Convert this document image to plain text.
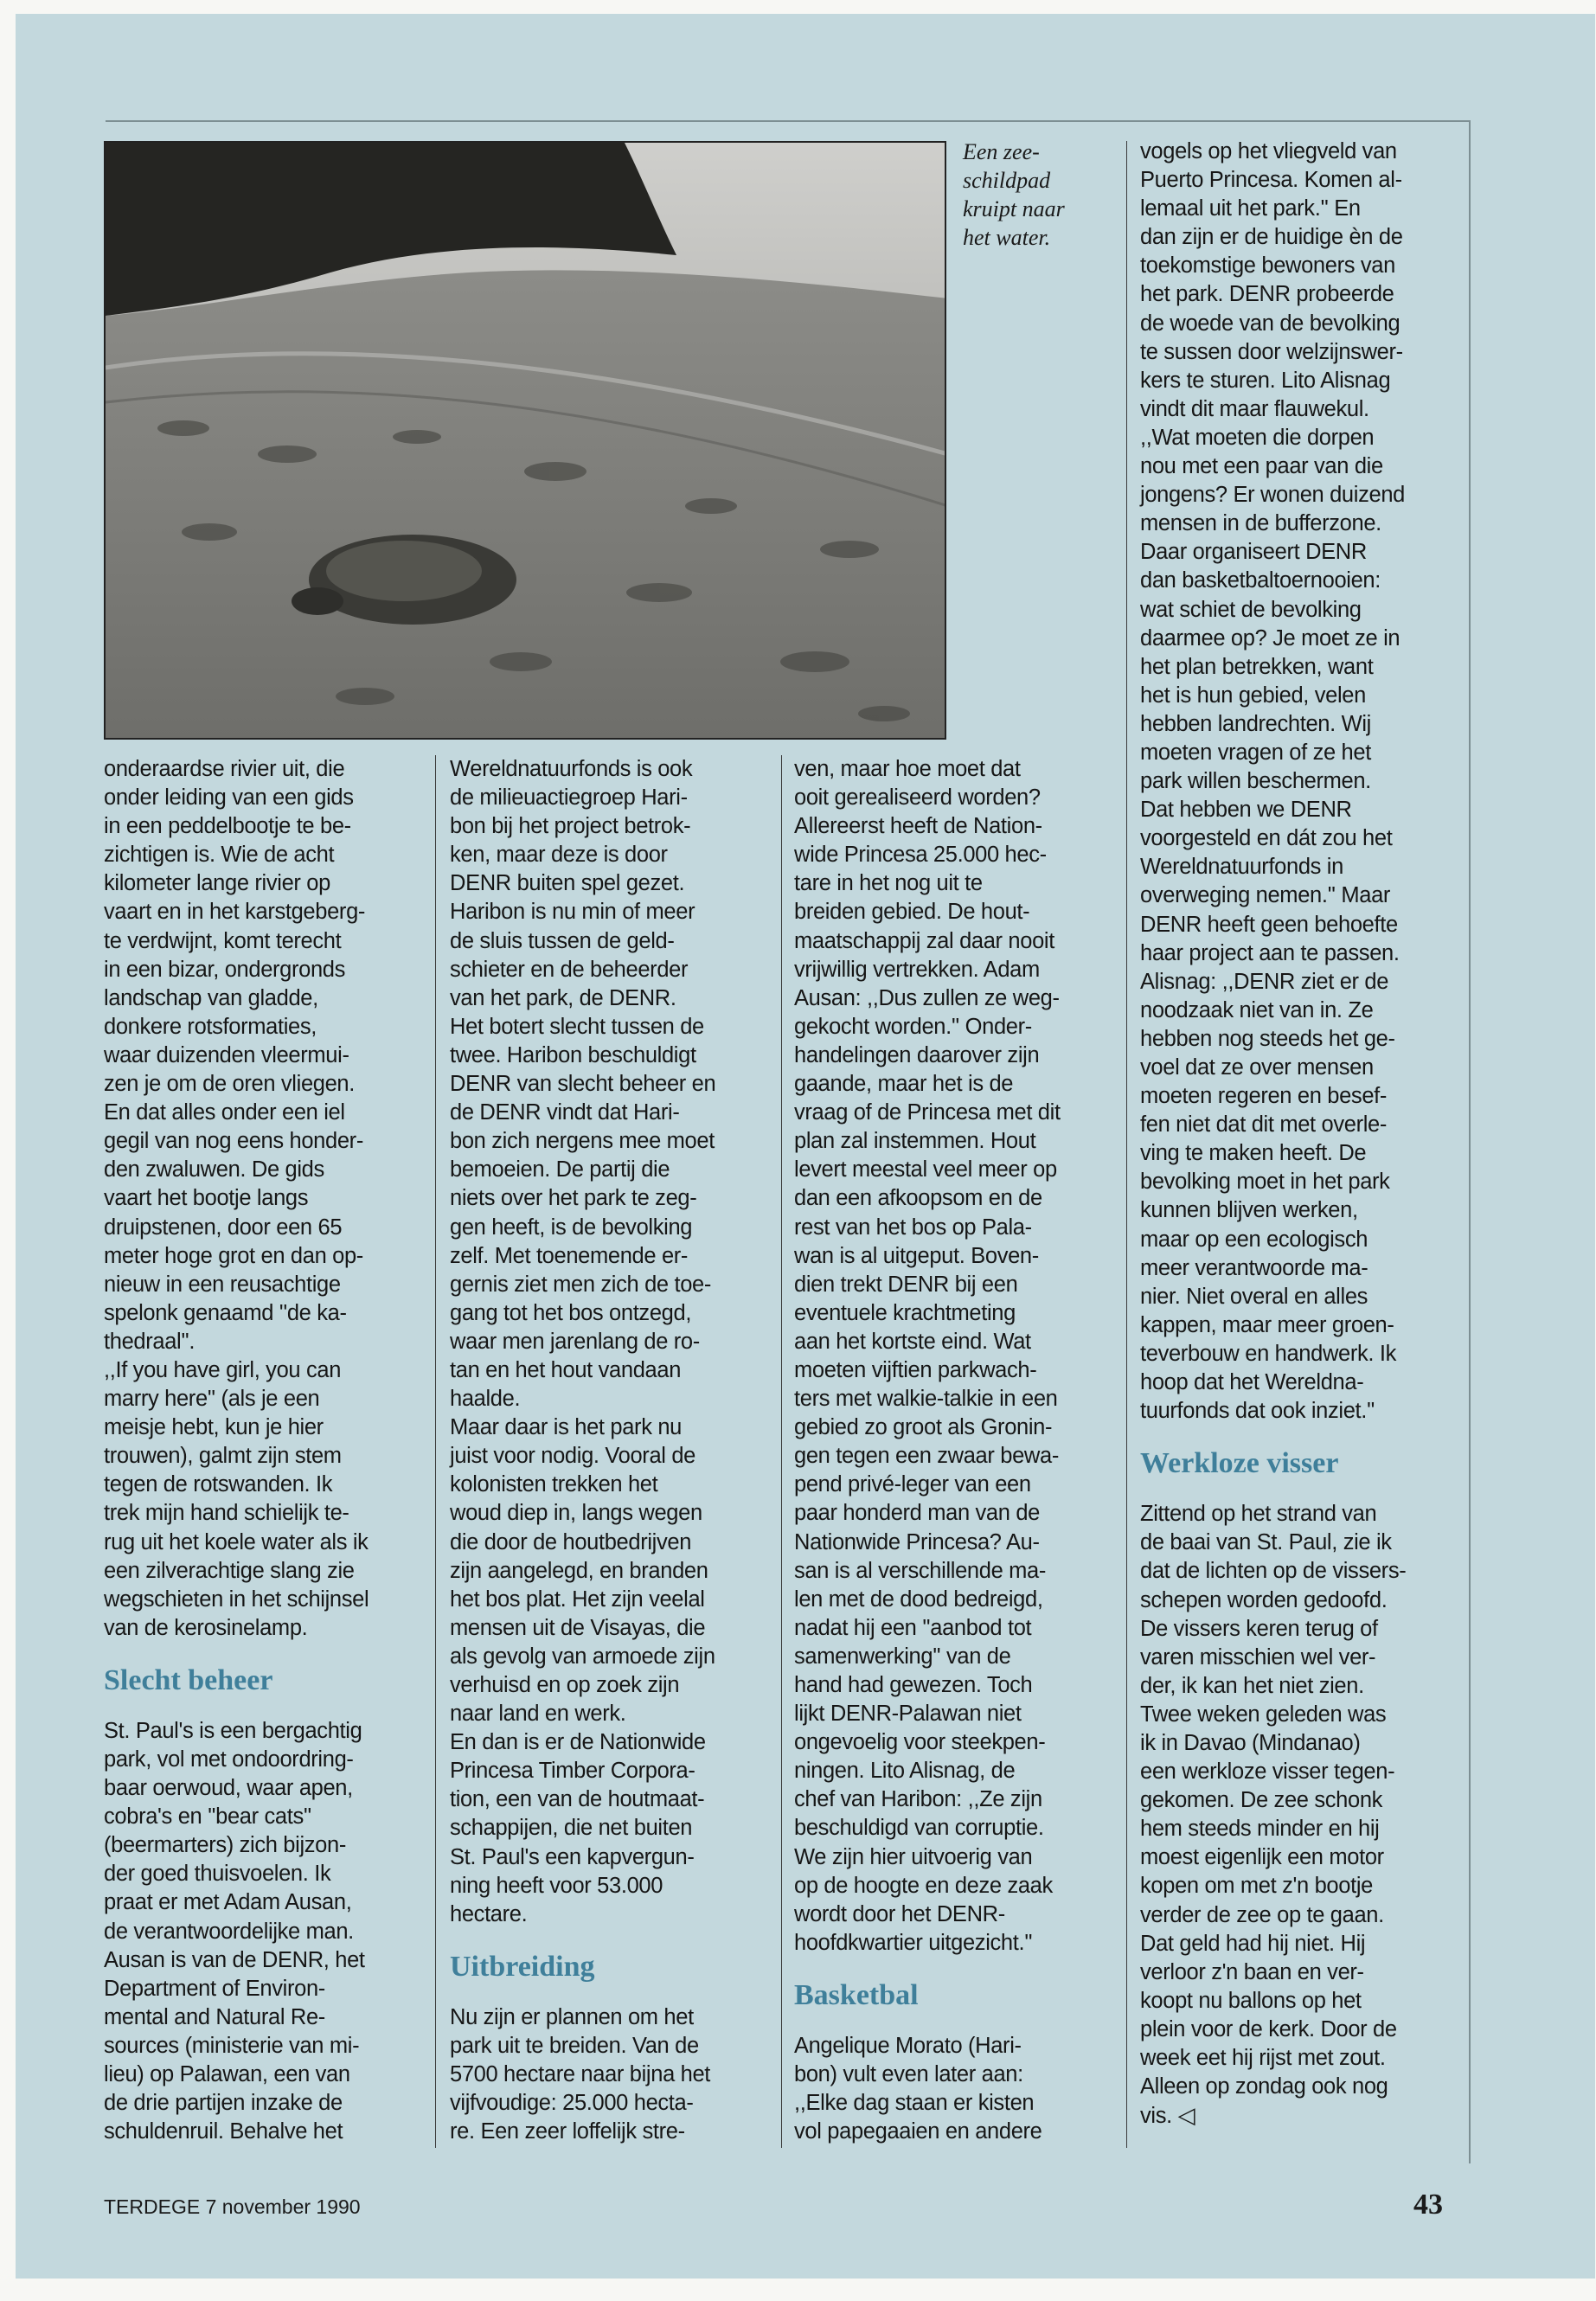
Een zee-
schildpad
kruipt naar
het water.

onderaardse rivier uit, die
onder leiding van een gids
in een peddelbootje te be-
zichtigen is. Wie de acht
kilometer lange rivier op
vaart en in het karstgeberg-
te verdwijnt, komt terecht
in een bizar, ondergronds
landschap van gladde,
donkere rotsformaties,
waar duizenden vleermui-
zen je om de oren vliegen.
En dat alles onder een iel
gegil van nog eens honder-
den zwaluwen. De gids
vaart het bootje langs
druipstenen, door een 65
meter hoge grot en dan op-
nieuw in een reusachtige
spelonk genaamd ''de ka-
thedraal''.
,,If you have girl, you can
marry here'' (als je een
meisje hebt, kun je hier
trouwen), galmt zijn stem
tegen de rotswanden. Ik
trek mijn hand schielijk te-
rug uit het koele water als ik
een zilverachtige slang zie
wegschieten in het schijnsel
van de kerosinelamp.

Slecht beheer

St. Paul's is een bergachtig
park, vol met ondoordring-
baar oerwoud, waar apen,
cobra's en ''bear cats''
(beermarters) zich bijzon-
der goed thuisvoelen. Ik
praat er met Adam Ausan,
de verantwoordelijke man.
Ausan is van de DENR, het
Department of Environ-
mental and Natural Re-
sources (ministerie van mi-
lieu) op Palawan, een van
de drie partijen inzake de
schuldenruil. Behalve het

Wereldnatuurfonds is ook
de milieuactiegroep Hari-
bon bij het project betrok-
ken, maar deze is door
DENR buiten spel gezet.
Haribon is nu min of meer
de sluis tussen de geld-
schieter en de beheerder
van het park, de DENR.
Het botert slecht tussen de
twee. Haribon beschuldigt
DENR van slecht beheer en
de DENR vindt dat Hari-
bon zich nergens mee moet
bemoeien. De partij die
niets over het park te zeg-
gen heeft, is de bevolking
zelf. Met toenemende er-
gernis ziet men zich de toe-
gang tot het bos ontzegd,
waar men jarenlang de ro-
tan en het hout vandaan
haalde.
Maar daar is het park nu
juist voor nodig. Vooral de
kolonisten trekken het
woud diep in, langs wegen
die door de houtbedrijven
zijn aangelegd, en branden
het bos plat. Het zijn veelal
mensen uit de Visayas, die
als gevolg van armoede zijn
verhuisd en op zoek zijn
naar land en werk.
En dan is er de Nationwide
Princesa Timber Corpora-
tion, een van de houtmaat-
schappijen, die net buiten
St. Paul's een kapvergun-
ning heeft voor 53.000
hectare.

Uitbreiding

Nu zijn er plannen om het
park uit te breiden. Van de
5700 hectare naar bijna het
vijfvoudige: 25.000 hecta-
re. Een zeer loffelijk stre-

ven, maar hoe moet dat
ooit gerealiseerd worden?
Allereerst heeft de Nation-
wide Princesa 25.000 hec-
tare in het nog uit te
breiden gebied. De hout-
maatschappij zal daar nooit
vrijwillig vertrekken. Adam
Ausan: ,,Dus zullen ze weg-
gekocht worden.'' Onder-
handelingen daarover zijn
gaande, maar het is de
vraag of de Princesa met dit
plan zal instemmen. Hout
levert meestal veel meer op
dan een afkoopsom en de
rest van het bos op Pala-
wan is al uitgeput. Boven-
dien trekt DENR bij een
eventuele krachtmeting
aan het kortste eind. Wat
moeten vijftien parkwach-
ters met walkie-talkie in een
gebied zo groot als Gronin-
gen tegen een zwaar bewa-
pend privé-leger van een
paar honderd man van de
Nationwide Princesa? Au-
san is al verschillende ma-
len met de dood bedreigd,
nadat hij een ''aanbod tot
samenwerking'' van de
hand had gewezen. Toch
lijkt DENR-Palawan niet
ongevoelig voor steekpen-
ningen. Lito Alisnag, de
chef van Haribon: ,,Ze zijn
beschuldigd van corruptie.
We zijn hier uitvoerig van
op de hoogte en deze zaak
wordt door het DENR-
hoofdkwartier uitgezicht.''

Basketbal

Angelique Morato (Hari-
bon) vult even later aan:
,,Elke dag staan er kisten
vol papegaaien en andere

vogels op het vliegveld van
Puerto Princesa. Komen al-
lemaal uit het park.'' En
dan zijn er de huidige èn de
toekomstige bewoners van
het park. DENR probeerde
de woede van de bevolking
te sussen door welzijnswer-
kers te sturen. Lito Alisnag
vindt dit maar flauwekul.
,,Wat moeten die dorpen
nou met een paar van die
jongens? Er wonen duizend
mensen in de bufferzone.
Daar organiseert DENR
dan basketbaltoernooien:
wat schiet de bevolking
daarmee op? Je moet ze in
het plan betrekken, want
het is hun gebied, velen
hebben landrechten. Wij
moeten vragen of ze het
park willen beschermen.
Dat hebben we DENR
voorgesteld en dát zou het
Wereldnatuurfonds in
overweging nemen.'' Maar
DENR heeft geen behoefte
haar project aan te passen.
Alisnag: ,,DENR ziet er de
noodzaak niet van in. Ze
hebben nog steeds het ge-
voel dat ze over mensen
moeten regeren en besef-
fen niet dat dit met overle-
ving te maken heeft. De
bevolking moet in het park
kunnen blijven werken,
maar op een ecologisch
meer verantwoorde ma-
nier. Niet overal en alles
kappen, maar meer groen-
teverbouw en handwerk. Ik
hoop dat het Wereldna-
tuurfonds dat ook inziet.''

Werkloze visser

Zittend op het strand van
de baai van St. Paul, zie ik
dat de lichten op de vissers-
schepen worden gedoofd.
De vissers keren terug of
varen misschien wel ver-
der, ik kan het niet zien.
Twee weken geleden was
ik in Davao (Mindanao)
een werkloze visser tegen-
gekomen. De zee schonk
hem steeds minder en hij
moest eigenlijk een motor
kopen om met z'n bootje
verder de zee op te gaan.
Dat geld had hij niet. Hij
verloor z'n baan en ver-
koopt nu ballons op het
plein voor de kerk. Door de
week eet hij rijst met zout.
Alleen op zondag ook nog
vis. ◁

TERDEGE 7 november 1990	43
